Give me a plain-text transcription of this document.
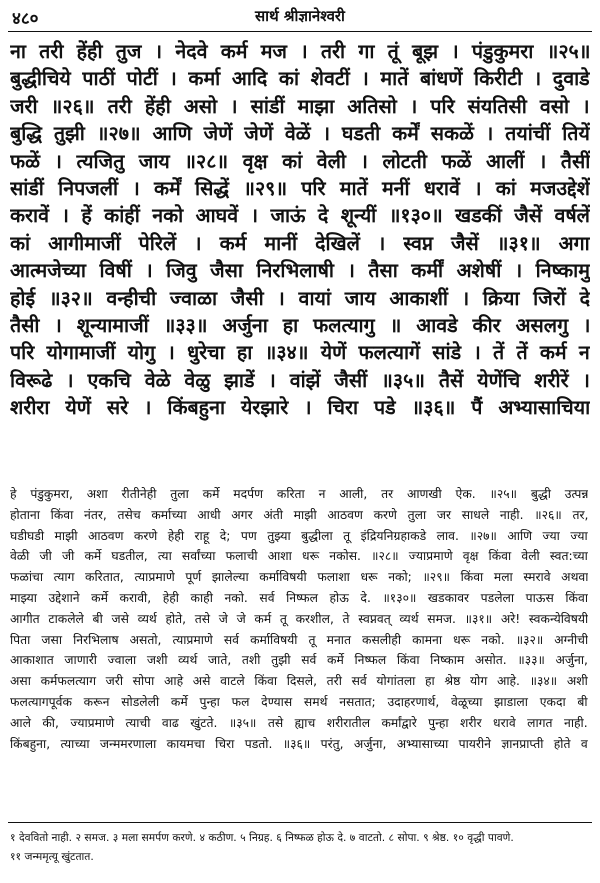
४८०	सार्थ श्रीज्ञानेश्वरी
ना तरी हेंही तुज । नेदवे कर्म मज । तरी गा तूं बूझ । पंडुकुमरा ॥२५॥
बुद्धीचिये पाठीं पोटीं । कर्मा आदि कां शेवटीं । मातें बांधणें किरीटी । दुवाडे
जरी ॥२६॥ तरी हेंही असो । सांडीं माझा अतिसो । परि संयतिसी वसो ।
बुद्धि तुझी ॥२७॥ आणि जेणें जेणें वेळें । घडती कर्में सकळें । तयांचीं तियें
फळें । त्यजितु जाय ॥२८॥ वृक्ष कां वेली । लोटती फळें आलीं । तैसीं
सांडीं निपजलीं । कर्में सिद्धें ॥२९॥ परि मातें मनीं धरावें । कां मजउद्देशें
करावें । हें कांहीं नको आघवें । जाऊं दे शून्यीं ॥१३०॥ खडकीं जैसें वर्षलें
कां आगीमाजीं पेरिलें । कर्म मानीं देखिलें । स्वप्न जैसें ॥३१॥ अगा
आत्मजेच्या विषीं । जिवु जैसा निरभिलाषी । तैसा कर्मीं अशेषीं । निष्कामु
होई ॥३२॥ वन्हीची ज्वाळा जैसी । वायां जाय आकाशीं । क्रिया जिरों दे
तैसी । शून्यामाजीं ॥३३॥ अर्जुना हा फलत्यागु ॥ आवडे कीर असलगु ।
परि योगामाजीं योगु । धुरेचा हा ॥३४॥ येणें फलत्यागें सांडे । तें तें कर्म न
विरूढे । एकचि वेळे वेळु झाडें । वांझें जैसीं ॥३५॥ तैसें येणेंचि शरीरें ।
शरीरा येणें सरे । किंबहुना येरझारे । चिरा पडे ॥३६॥ पैं अभ्यासाचिया
हे पंडुकुमरा, अशा रीतीनेही तुला कर्मे मदर्पण करिता न आली, तर आणखी ऐक. ॥२५॥ बुद्धी उत्पन्न
होताना किंवा नंतर, तसेच कर्माच्या आधी अगर अंती माझी आठवण करणे तुला जर साधले नाही. ॥२६॥ तर,
घडीघडी माझी आठवण करणे हेही राहू दे; पण तुझ्या बुद्धीला तू इंद्रियनिग्रहाकडे लाव. ॥२७॥ आणि ज्या ज्या
वेळी जी जी कर्मे घडतील, त्या सर्वांच्या फलाची आशा धरू नकोस. ॥२८॥ ज्याप्रमाणे वृक्ष किंवा वेली स्वत:च्या
फळांचा त्याग करितात, त्याप्रमाणे पूर्ण झालेल्या कर्माविषयी फलाशा धरू नको; ॥२९॥ किंवा मला स्मरावे अथवा
माझ्या उद्देशाने कर्मे करावी, हेही काही नको. सर्व निष्फल होऊ दे. ॥१३०॥ खडकावर पडलेला पाऊस किंवा
आगीत टाकलेले बी जसे व्यर्थ होते, तसे जे जे कर्म तू करशील, ते स्वप्नवत् व्यर्थ समज. ॥३१॥ अरे! स्वकन्येविषयी
पिता जसा निरभिलाष असतो, त्याप्रमाणे सर्व कर्माविषयी तू मनात कसलीही कामना धरू नको. ॥३२॥ अग्नीची
आकाशात जाणारी ज्वाला जशी व्यर्थ जाते, तशी तुझी सर्व कर्मे निष्फल किंवा निष्काम असोत. ॥३३॥ अर्जुना,
असा कर्मफलत्याग जरी सोपा आहे असे वाटले किंवा दिसले, तरी सर्व योगांतला हा श्रेष्ठ योग आहे. ॥३४॥ अशी
फलत्यागपूर्वक करून सोडलेली कर्मे पुन्हा फल देण्यास समर्थ नसतात; उदाहरणार्थ, वेळूच्या झाडाला एकदा बी
आले की, ज्याप्रमाणे त्याची वाढ खुंटते. ॥३५॥ तसे ह्याच शरीरातील कर्मांद्वारे पुन्हा शरीर धरावे लागत नाही.
किंबहुना, त्याच्या जन्ममरणाला कायमचा चिरा पडतो. ॥३६॥ परंतु, अर्जुना, अभ्यासाच्या पायरीने ज्ञानप्राप्ती होते व
१ देववितो नाही. २ समज. ३ मला समर्पण करणे. ४ कठीण. ५ निग्रह. ६ निष्फळ होऊ दे. ७ वाटतो. ८ सोपा. ९ श्रेष्ठ. १० वृद्धी पावणे.
११ जन्ममृत्यू खुंटतात.
